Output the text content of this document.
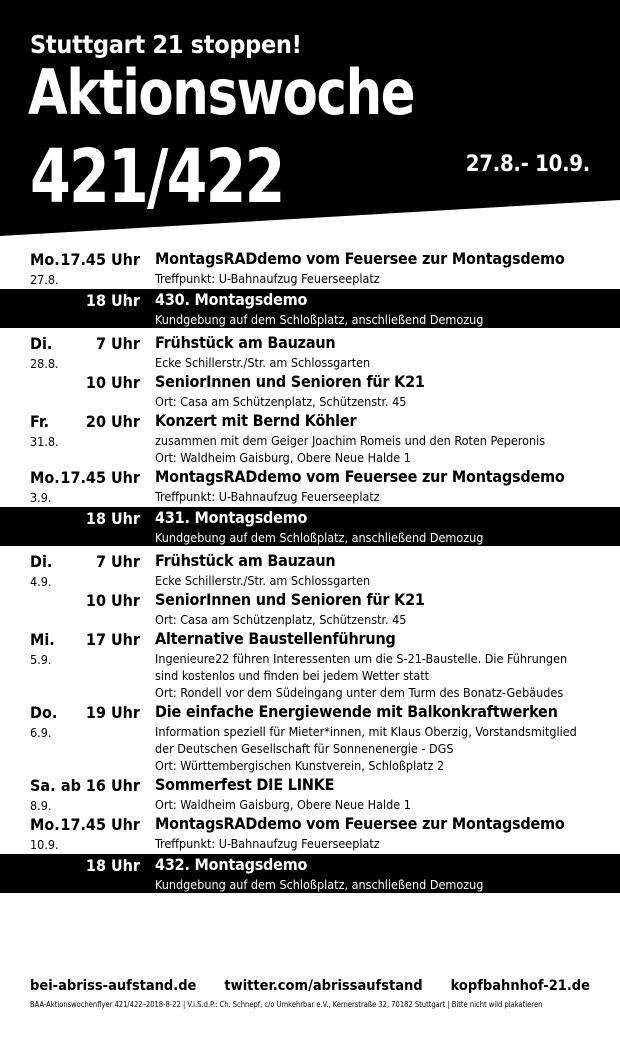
Stuttgart 21 stoppen!
Aktionswoche
421/422	27.8.- 10.9.
Mo.
27.8.
17.45 Uhr MontagsRADdemo vom Feuersee zur Montagsdemo
Treffpunkt: U-Bahnaufzug Feuerseeplatz
18 Uhr 430. Montagsdemo
Kundgebung auf dem Schloßplatz, anschließend Demozug
Di.
28.8.
7 Uhr Frühstück am Bauzaun
Ecke Schillerstr./Str. am Schlossgarten
10 Uhr SeniorInnen und Senioren für K21
Ort: Casa am Schützenplatz, Schützenstr. 45
Fr.
31.8.
20 Uhr Konzert mit Bernd Köhler
zusammen mit dem Geiger Joachim Romeis und den Roten Peperonis
Ort: Waldheim Gaisburg, Obere Neue Halde 1
Mo.
3.9.
17.45 Uhr MontagsRADdemo vom Feuersee zur Montagsdemo
Treffpunkt: U-Bahnaufzug Feuerseeplatz
18 Uhr 431. Montagsdemo
Kundgebung auf dem Schloßplatz, anschließend Demozug
Di.
4.9.
7 Uhr Frühstück am Bauzaun
Ecke Schillerstr./Str. am Schlossgarten
10 Uhr SeniorInnen und Senioren für K21
Ort: Casa am Schützenplatz, Schützenstr. 45
Mi.
5.9.
17 Uhr Alternative Baustellenführung
Ingenieure22 führen Interessenten um die S-21-Baustelle. Die Führungen
sind kostenlos und finden bei jedem Wetter statt
Ort: Rondell vor dem Südeingang unter dem Turm des Bonatz-Gebäudes
Do.
6.9.
19 Uhr Die einfache Energiewende mit Balkonkraftwerken
Information speziell für Mieter*innen, mit Klaus Oberzig, Vorstandsmitglied
der Deutschen Gesellschaft für Sonnenenergie - DGS
Ort: Württembergischen Kunstverein, Schloßplatz 2
Sa.
8.9.
ab 16 Uhr Sommerfest DIE LINKE
Ort: Waldheim Gaisburg, Obere Neue Halde 1
Mo.
10.9.
17.45 Uhr MontagsRADdemo vom Feuersee zur Montagsdemo
Treffpunkt: U-Bahnaufzug Feuerseeplatz
18 Uhr 432. Montagsdemo
Kundgebung auf dem Schloßplatz, anschließend Demozug
bei-abriss-aufstand.de twitter.com/abrissaufstand kopfbahnhof-21.de
BAA-Aktionswochenflyer 421/422–2018-8-22 | V.i.S.d.P.: Ch. Schnepf, c/o Umkehrbar e.V., Kernerstraße 32, 70182 Stuttgart | Bitte nicht wild plakatieren
